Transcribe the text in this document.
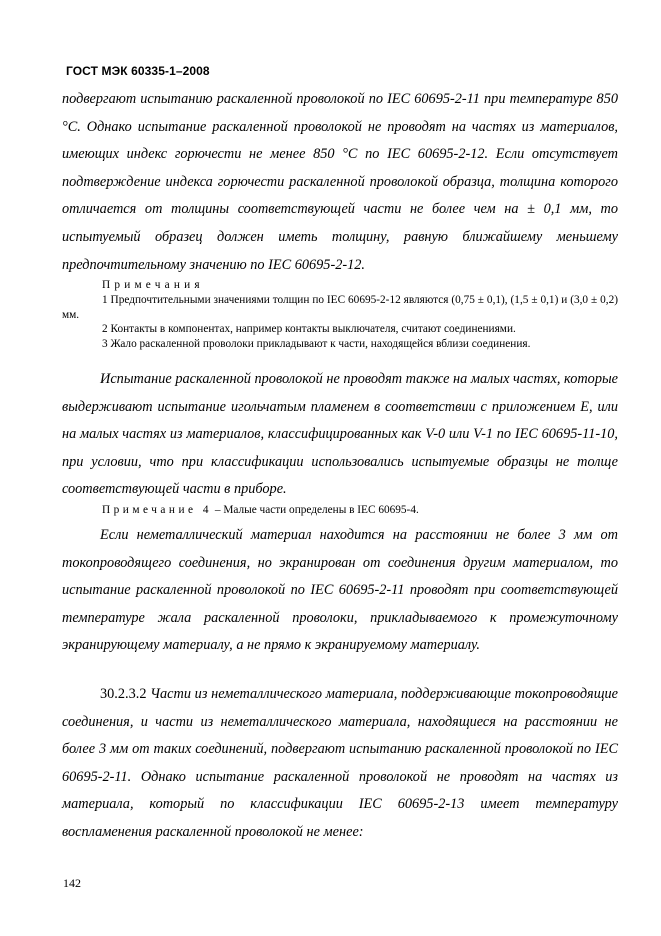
ГОСТ МЭК 60335-1–2008

подвергают испытанию раскаленной проволокой по IEC 60695-2-11 при температуре 850 °С. Однако испытание раскаленной проволокой не проводят на частях из материалов, имеющих индекс горючести не менее 850 °С по IEC 60695-2-12. Если отсутствует подтверждение индекса горючести раскаленной проволокой образца, толщина которого отличается от толщины соответствующей части не более чем на ± 0,1 мм, то испытуемый образец должен иметь толщину, равную ближайшему меньшему предпочтительному значению по IEC 60695-2-12.

Примечания

1 Предпочтительными значениями толщин по IEC 60695-2-12 являются (0,75 ± 0,1), (1,5 ± 0,1) и (3,0 ± 0,2) мм.

2 Контакты в компонентах, например контакты выключателя, считают соединениями.

3 Жало раскаленной проволоки прикладывают к части, находящейся вблизи соединения.

Испытание раскаленной проволокой не проводят также на малых частях, которые выдерживают испытание игольчатым пламенем в соответствии с приложением Е, или на малых частях из материалов, классифицированных как V-0 или V-1 по IEC 60695-11-10, при условии, что при классификации использовались испытуемые образцы не толще соответствующей части в приборе.

Примечание 4 – Малые части определены в IEC 60695-4.

Если неметаллический материал находится на расстоянии не более 3 мм от токопроводящего соединения, но экранирован от соединения другим материалом, то испытание раскаленной проволокой по IEC 60695-2-11 проводят при соответствующей температуре жала раскаленной проволоки, прикладываемого к промежуточному экранирующему материалу, а не прямо к экранируемому материалу.

30.2.3.2 Части из неметаллического материала, поддерживающие токопроводящие соединения, и части из неметаллического материала, находящиеся на расстоянии не более 3 мм от таких соединений, подвергают испытанию раскаленной проволокой по IEC 60695-2-11. Однако испытание раскаленной проволокой не проводят на частях из материала, который по классификации IEC 60695-2-13 имеет температуру воспламенения раскаленной проволокой не менее:

142
